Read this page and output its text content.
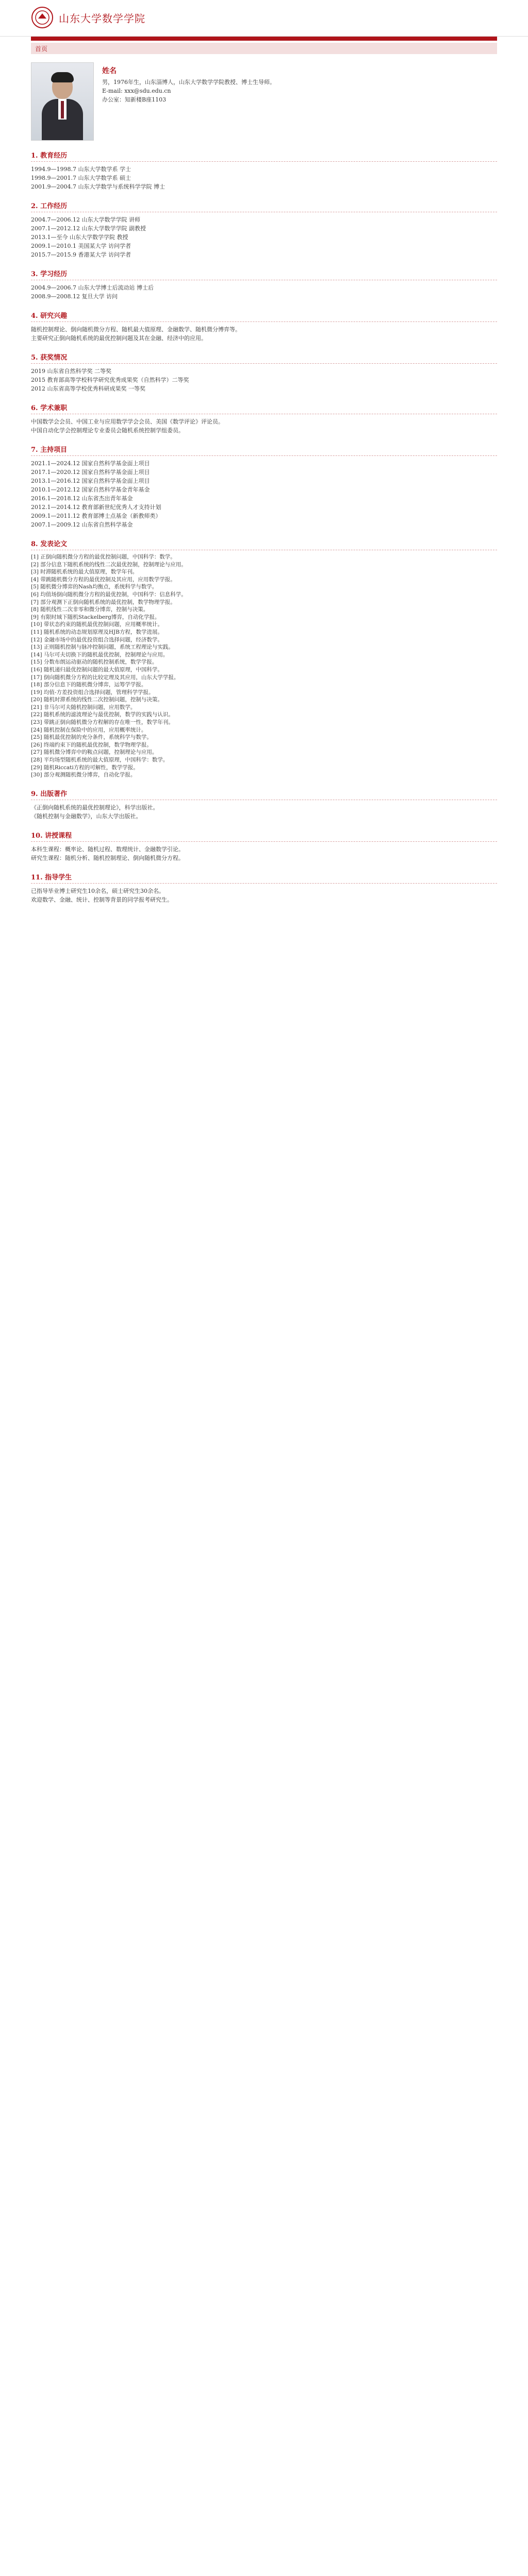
山东大学数学学院
首页
姓名

男，1976年生，山东淄博人，山东大学数学学院教授、博士生导师。

E-mail: xxx@sdu.edu.cn

办公室：知新楼B座1103

1. 教育经历

1994.9—1998.7 山东大学数学系 学士

1998.9—2001.7 山东大学数学系 硕士

2001.9—2004.7 山东大学数学与系统科学学院 博士

2. 工作经历

2004.7—2006.12 山东大学数学学院 讲师

2007.1—2012.12 山东大学数学学院 副教授

2013.1—至今 山东大学数学学院 教授

2009.1—2010.1 美国某大学 访问学者

2015.7—2015.9 香港某大学 访问学者

3. 学习经历

2004.9—2006.7 山东大学博士后流动站 博士后

2008.9—2008.12 复旦大学 访问

4. 研究兴趣

随机控制理论、倒向随机微分方程、随机最大值原理、金融数学、随机微分博弈等。

主要研究正倒向随机系统的最优控制问题及其在金融、经济中的应用。

5. 获奖情况

2019 山东省自然科学奖 二等奖

2015 教育部高等学校科学研究优秀成果奖（自然科学）二等奖

2012 山东省高等学校优秀科研成果奖 一等奖

6. 学术兼职

中国数学会会员、中国工业与应用数学学会会员、美国《数学评论》评论员。

中国自动化学会控制理论专业委员会随机系统控制学组委员。

7. 主持项目

2021.1—2024.12 国家自然科学基金面上项目

2017.1—2020.12 国家自然科学基金面上项目

2013.1—2016.12 国家自然科学基金面上项目

2010.1—2012.12 国家自然科学基金青年基金

2016.1—2018.12 山东省杰出青年基金

2012.1—2014.12 教育部新世纪优秀人才支持计划

2009.1—2011.12 教育部博士点基金（新教师类）

2007.1—2009.12 山东省自然科学基金

8. 发表论文

[1] 正倒向随机微分方程的最优控制问题，中国科学：数学。

[2] 部分信息下随机系统的线性二次最优控制，控制理论与应用。

[3] 时滞随机系统的最大值原理，数学年刊。

[4] 带跳随机微分方程的最优控制及其应用，应用数学学报。

[5] 随机微分博弈的Nash均衡点，系统科学与数学。

[6] 均值场倒向随机微分方程的最优控制，中国科学：信息科学。

[7] 部分观测下正倒向随机系统的最优控制，数学物理学报。

[8] 随机线性二次非零和微分博弈，控制与决策。

[9] 有限时域下随机Stackelberg博弈，自动化学报。

[10] 带状态约束的随机最优控制问题，应用概率统计。

[11] 随机系统的动态规划原理及HJB方程，数学进展。

[12] 金融市场中的最优投资组合选择问题，经济数学。

[13] 正则随机控制与脉冲控制问题，系统工程理论与实践。

[14] 马尔可夫切换下的随机最优控制，控制理论与应用。

[15] 分数布朗运动驱动的随机控制系统，数学学报。

[16] 随机递归最优控制问题的最大值原理，中国科学。

[17] 倒向随机微分方程的比较定理及其应用，山东大学学报。

[18] 部分信息下的随机微分博弈，运筹学学报。

[19] 均值-方差投资组合选择问题，管理科学学报。

[20] 随机时滞系统的线性二次控制问题，控制与决策。

[21] 非马尔可夫随机控制问题，应用数学。

[22] 随机系统的滤波理论与最优控制，数学的实践与认识。

[23] 带跳正倒向随机微分方程解的存在唯一性，数学年刊。

[24] 随机控制在保险中的应用，应用概率统计。

[25] 随机最优控制的充分条件，系统科学与数学。

[26] 终端约束下的随机最优控制，数学物理学报。

[27] 随机微分博弈中的鞍点问题，控制理论与应用。

[28] 平均场型随机系统的最大值原理，中国科学：数学。

[29] 随机Riccati方程的可解性，数学学报。

[30] 部分观测随机微分博弈，自动化学报。

9. 出版著作

《正倒向随机系统的最优控制理论》，科学出版社。

《随机控制与金融数学》，山东大学出版社。

10. 讲授课程

本科生课程：概率论、随机过程、数理统计、金融数学引论。

研究生课程：随机分析、随机控制理论、倒向随机微分方程。

11. 指导学生

已指导毕业博士研究生10余名，硕士研究生30余名。

欢迎数学、金融、统计、控制等背景的同学报考研究生。
